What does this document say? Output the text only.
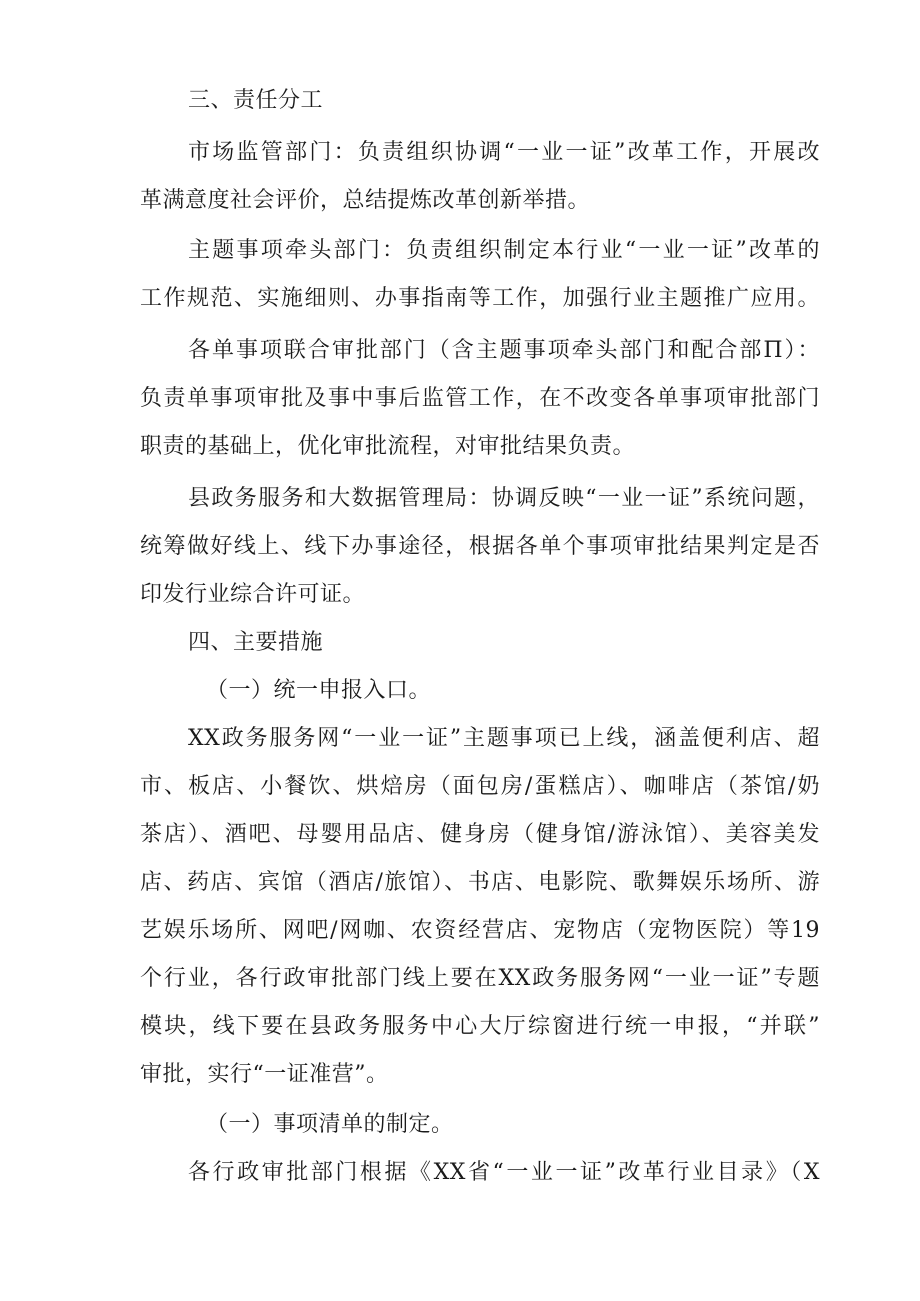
三、责任分工
市场监管部门：负责组织协调“一业一证”改革工作，开展改
革满意度社会评价，总结提炼改革创新举措。
主题事项牵头部门：负责组织制定本行业“一业一证”改革的
工作规范、实施细则、办事指南等工作，加强行业主题推广应用。
各单事项联合审批部门（含主题事项牵头部门和配合部Π）：
负责单事项审批及事中事后监管工作，在不改变各单事项审批部门
职责的基础上，优化审批流程，对审批结果负责。
县政务服务和大数据管理局：协调反映“一业一证”系统问题，
统筹做好线上、线下办事途径，根据各单个事项审批结果判定是否
印发行业综合许可证。
四、主要措施
（一）统一申报入口。
XX政务服务网“一业一证”主题事项已上线，涵盖便利店、超
市、板店、小餐饮、烘焙房（面包房/蛋糕店）、咖啡店（茶馆/奶
茶店）、酒吧、母婴用品店、健身房（健身馆/游泳馆）、美容美发
店、药店、宾馆（酒店/旅馆）、书店、电影院、歌舞娱乐场所、游
艺娱乐场所、网吧/网咖、农资经营店、宠物店（宠物医院）等19
个行业，各行政审批部门线上要在XX政务服务网“一业一证”专题
模块，线下要在县政务服务中心大厅综窗进行统一申报，“并联”
审批，实行“一证准营”。
（一）事项清单的制定。
各行政审批部门根据《XX省“一业一证”改革行业目录》（X
